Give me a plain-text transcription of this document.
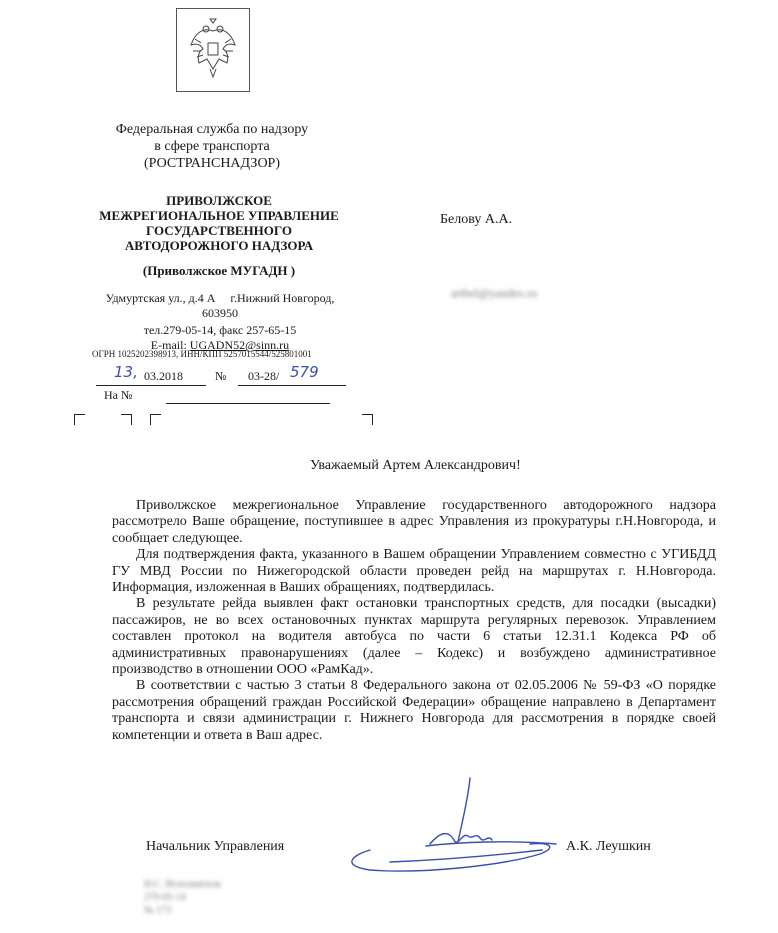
Федеральная служба по надзору
в сфере транспорта
(РОСТРАНСНАДЗОР)
ПРИВОЛЖСКОЕ
МЕЖРЕГИОНАЛЬНОЕ УПРАВЛЕНИЕ
ГОСУДАРСТВЕННОГО
АВТОДОРОЖНОГО НАДЗОРА
(Приволжское МУГАДН )
Удмуртская ул., д.4 А     г.Нижний Новгород,
603950
тел.279-05-14, факс 257-65-15
E-mail: UGADN52@sinn.ru
ОГРН 1025202398913, ИНН/КПП 5257015544/525801001
13, 03.2018	№ 03-28/ 579
На №
Белову А.А.
artbel@yandex.ru
Уважаемый Артем Александрович!

Приволжское межрегиональное Управление государственного автодорожного надзора рассмотрело Ваше обращение, поступившее в адрес Управления из прокуратуры г.Н.Новгорода, и сообщает следующее.

Для подтверждения факта, указанного в Вашем обращении Управлением совместно с УГИБДД ГУ МВД России по Нижегородской области проведен рейд на маршрутах г. Н.Новгорода. Информация, изложенная в Ваших обращениях, подтвердилась.

В результате рейда выявлен факт остановки транспортных средств, для посадки (высадки) пассажиров, не во всех остановочных пунктах маршрута регулярных перевозок. Управлением составлен протокол на водителя автобуса по части 6 статьи 12.31.1 Кодекса РФ об административных правонарушениях (далее – Кодекс) и возбуждено административное производство в отношении ООО «РамКад».

В соответствии с частью 3 статьи 8 Федерального закона от 02.05.2006 № 59-ФЗ «О порядке рассмотрения обращений граждан Российской Федерации» обращение направлено в Департамент транспорта и связи администрации г. Нижнего Новгорода для рассмотрения в порядке своей компетенции и ответа в Ваш адрес.

Начальник Управления	А.К. Леушкин
Н.С. Исполнитель
279-05-14
№ 173
